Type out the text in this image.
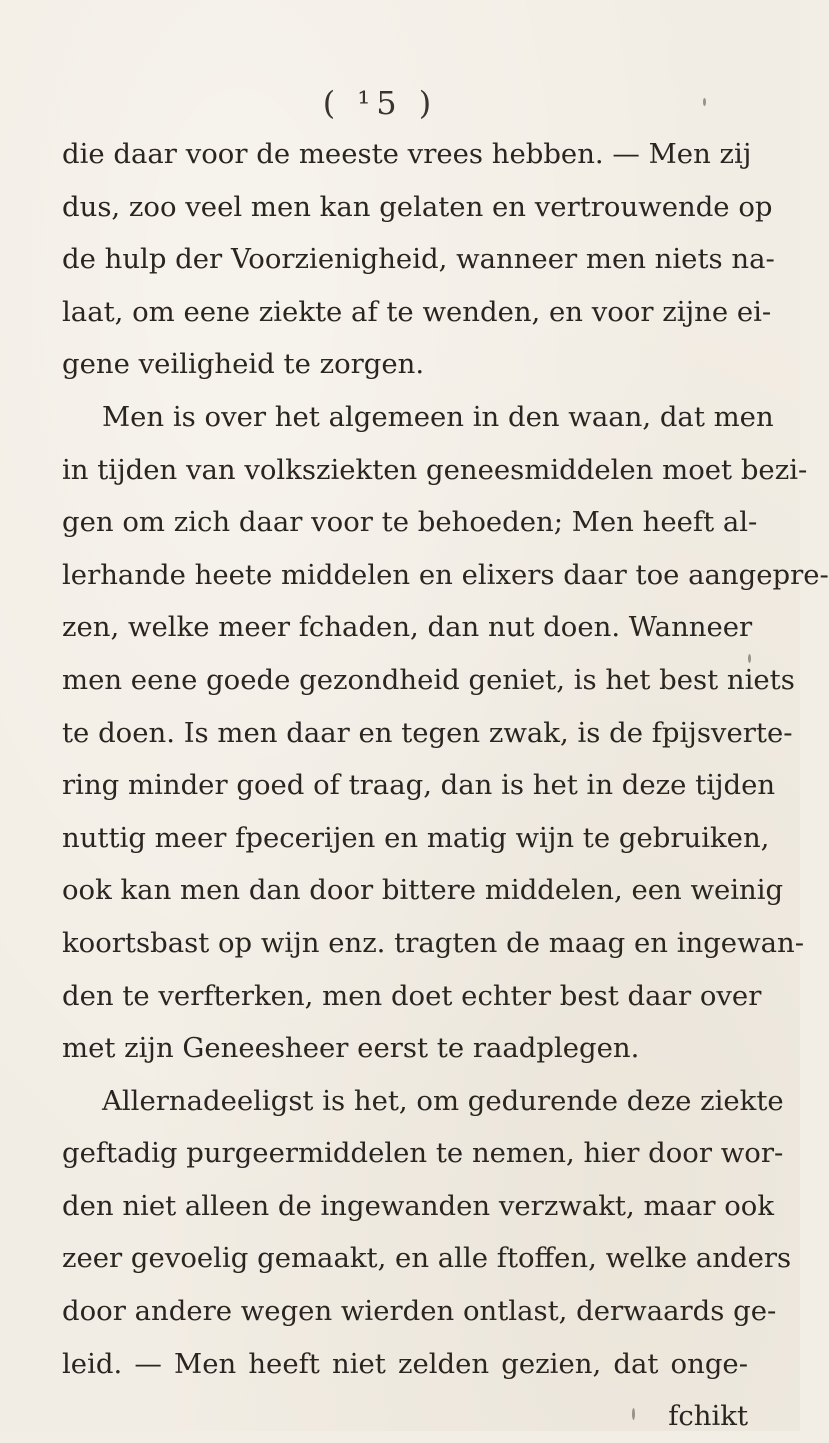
( ¹5 )
die daar voor de meeste vrees hebben. — Men zij
dus, zoo veel men kan gelaten en vertrouwende op
de hulp der Voorzienigheid, wanneer men niets na-
laat, om eene ziekte af te wenden, en voor zijne ei-
gene veiligheid te zorgen.
Men is over het algemeen in den waan, dat men
in tijden van volksziekten geneesmiddelen moet bezi-
gen om zich daar voor te behoeden; Men heeft al-
lerhande heete middelen en elixers daar toe aangepre-
zen, welke meer fchaden, dan nut doen. Wanneer
men eene goede gezondheid geniet, is het best niets
te doen. Is men daar en tegen zwak, is de fpijsverte-
ring minder goed of traag, dan is het in deze tijden
nuttig meer fpecerijen en matig wijn te gebruiken,
ook kan men dan door bittere middelen, een weinig
koortsbast op wijn enz. tragten de maag en ingewan-
den te verfterken, men doet echter best daar over
met zijn Geneesheer eerst te raadplegen.
Allernadeeligst is het, om gedurende deze ziekte
geftadig purgeermiddelen te nemen, hier door wor-
den niet alleen de ingewanden verzwakt, maar ook
zeer gevoelig gemaakt, en alle ftoffen, welke anders
door andere wegen wierden ontlast, derwaards ge-
leid. — Men heeft niet zelden gezien, dat onge-
fchikt
